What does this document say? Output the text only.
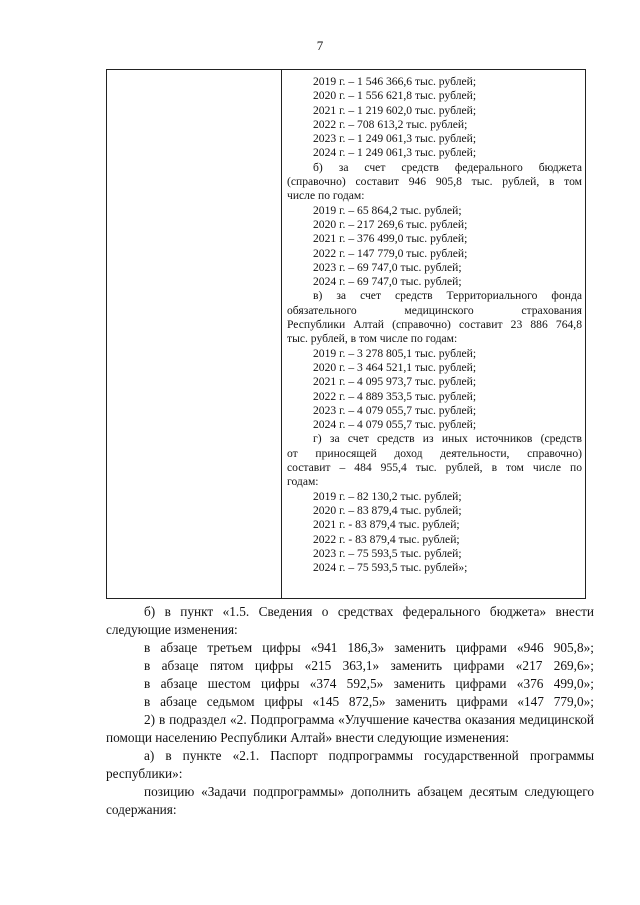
7
2019 г. – 1 546 366,6 тыс. рублей;
2020 г. – 1 556 621,8 тыс. рублей;
2021 г. – 1 219 602,0 тыс. рублей;
2022 г. – 708 613,2 тыс. рублей;
2023 г. – 1 249 061,3 тыс. рублей;
2024 г. – 1 249 061,3 тыс. рублей;
б) за счет средств федерального бюджета
(справочно) составит 946 905,8 тыс. рублей, в том
числе по годам:
2019 г. – 65 864,2 тыс. рублей;
2020 г. – 217 269,6 тыс. рублей;
2021 г. – 376 499,0 тыс. рублей;
2022 г. – 147 779,0 тыс. рублей;
2023 г. – 69 747,0 тыс. рублей;
2024 г. – 69 747,0 тыс. рублей;
в) за счет средств Территориального фонда
обязательного медицинского страхования
Республики Алтай (справочно) составит 23 886 764,8
тыс. рублей, в том числе по годам:
2019 г. – 3 278 805,1 тыс. рублей;
2020 г. – 3 464 521,1 тыс. рублей;
2021 г. – 4 095 973,7 тыс. рублей;
2022 г. – 4 889 353,5 тыс. рублей;
2023 г. – 4 079 055,7 тыс. рублей;
2024 г. – 4 079 055,7 тыс. рублей;
г) за счет средств из иных источников (средств
от приносящей доход деятельности, справочно)
составит – 484 955,4 тыс. рублей, в том числе по
годам:
2019 г. – 82 130,2 тыс. рублей;
2020 г. – 83 879,4 тыс. рублей;
2021 г. - 83 879,4 тыс. рублей;
2022 г. - 83 879,4 тыс. рублей;
2023 г. – 75 593,5 тыс. рублей;
2024 г. – 75 593,5 тыс. рублей»;
б) в пункт «1.5. Сведения о средствах федерального бюджета» внести следующие изменения:
в абзаце третьем цифры «941 186,3» заменить цифрами «946 905,8»;
в абзаце пятом цифры «215 363,1» заменить цифрами «217 269,6»;
в абзаце шестом цифры «374 592,5» заменить цифрами «376 499,0»;
в абзаце седьмом цифры «145 872,5» заменить цифрами «147 779,0»;
2) в подраздел «2. Подпрограмма «Улучшение качества оказания медицинской помощи населению Республики Алтай» внести следующие изменения:
а) в пункте «2.1. Паспорт подпрограммы государственной программы республики»:
позицию «Задачи подпрограммы» дополнить абзацем десятым следующего содержания:
